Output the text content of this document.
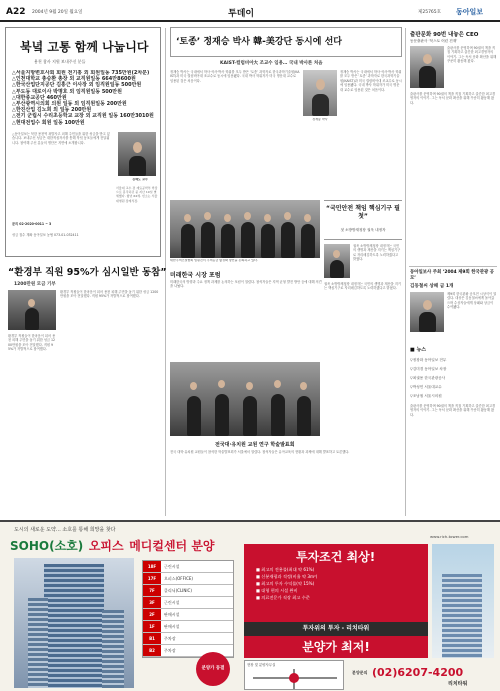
A22 2004년 9월 20일 월요일	투데이	제25765호 동아일보
북녘 고통 함께 나눕니다
용천 참사 지원 보내주신 분들
△서울지방변호사회 회원 전기홍 외 회원일동 735만원(2차분)
△인천대학교 총승환 총장 외 교직원일동 664만8600원
△한국산업단지공단 김홍근 이사장 외 임직원일동 500만원
△부도동 대로이사 박명호 외 임직원일동 500만원
△대한종교공단 460만원
△부산광역시의회 의원 일동 외 임직원일동 200만원
△한진산업 김노희 외 일동 200만원
△전기 군립시 수리초등학교 교장 외 교직원 일동 160만3010원
△현대전업수 회원 일동 100만원
△동아일보는 북한 용천역 폭발사고 피해 주민들을 위한 성금을 받고 있습니다. 보내주신 성금은 대한적십자사를 통해 북녘 동포들에게 전달됩니다. 참여해 주신 분들의 명단은 지면에 소개합니다.
문의 02-2020-0011 ~ 3
성금 접수 계좌 동아일보 농협 073-01-032411
김혜도 교수
서울대 교수 겸 재료공학부 학장으로 봉직하던 중 지난 19일 별세했다. 향년 64세. 빈소는 서울대병원 장례식장.
“환경부 직원 95%가 심시일반 동참”
1200만원 모금 기부
환경부 직원들이 한마음이 되어 용천 피해 주민을 돕기 위한 성금 1200만원을 모아 전달했다. 직원 95%가 자발적으로 참여했다.
환경부 직원들이 한마음이 되어 용천 피해 주민을 돕기 위한 성금 1200만원을 모아 전달했다. 직원 95%가 자발적으로 참여했다.
‘토종’ 정재승 박사 韓-美강단 동시에 선다
KAIST-컬럼비아大 조교수 임용… 국내 박사론 처음
정재승 박사는 국내에서 학사·석사·박사 학위를 모두 받은 ‘토종’ 과학자로 한국과학기술원(KAIST)과 미국 컬럼비아대 조교수로 동시에 임용됐다. 국내 박사 학위자가 미국 명문대 교수로 임용된 것은 처음이다.
정재승 박사
정재승 박사는 국내에서 학사·석사·박사 학위를 모두 받은 ‘토종’ 과학자로 한국과학기술원(KAIST)과 미국 컬럼비아대 조교수로 동시에 임용됐다. 국내 박사 학위자가 미국 명문대 교수로 임용된 것은 처음이다.
대한주택건설협회 임원진이 주택공급 활성화 방안을 논의하고 있다.
미래한국 시장 포럼
미래한국의 방향과 주요 정책 과제를 논의하는 포럼이 열렸다. 참석자들은 지역 균형 발전 방안 등에 대해 의견을 나눴다.
“국민안전 책임 핵심기구 필첫”
첫 소방방재청장 권욱 내정자
권욱 소방방재청장 내정자는 국민의 생명과 재산을 지키는 핵심기구로 자리매김하도록 노력하겠다고 밝혔다.
권욱 소방방재청장 내정자는 국민의 생명과 재산을 지키는 핵심기구로 자리매김하도록 노력하겠다고 밝혔다.
전국대·유치원 교원 연구 학술발표회
전국 대학·유치원 교원들이 참석한 학술발표회가 서울에서 열렸다. 참석자들은 유아교육의 현황과 과제에 대해 발표하고 토론했다.
출판문화 90번 내놓은 CEO
동문출판사 ‘북스토 어린 건재’
출판사를 운영하며 90권의 책을 직접 기획하고 출간한 최고경영자의 이야기. 그는 독서 문화 확산을 위해 꾸준히 활동해 왔다.
출판사를 운영하며 90권의 책을 직접 기획하고 출간한 최고경영자의 이야기. 그는 독서 문화 확산을 위해 꾸준히 활동해 왔다.
동아일보사 주최 ‘2004 제9회 한국관광 공모’
김동철씨 상패 금 1개
제9회 한국관광 공모전 시상식이 열렸다. 대상은 김동철씨에게 돌아갔으며 수상자들에게 상패와 상금이 수여됐다.
■ 뉴스
▽정창화 동아일보 전무
▽김미경 동아일보 차장
▽최권용 한국관광공사
▽박성민 서울대교수
▽조남철 서울시의원
출판사를 운영하며 90권의 책을 직접 기획하고 출간한 최고경영자의 이야기. 그는 독서 문화 확산을 위해 꾸준히 활동해 왔다.
도시의 새로운 도약… 소호를 통해 희망을 찾다
SOHO(소호) 오피스 메디컬센터 분양
18F	근린시설
17F	오피스(OFFICE)
7F	클리닉(CLINIC)
3F	근린시설
2F	판매시설
1F	판매시설
B1	주차장
B2	주차장
분양가 동결
www.rich-tower.com
투자조건 최상!
■ 최고의 전용률(최대 약 61%)
■ 신분재평과 적정(비율 약 3m²)
■ 최고의 투자 수익률(약 15%)
■ 대형 편의 시설 완비
■ 의료전문가 직장 최고 수준
투자위의 투자 - 리치타워
분양가 최저!
현장 및 분양사무실
분양문의 (02)6207-4200
리치타워
